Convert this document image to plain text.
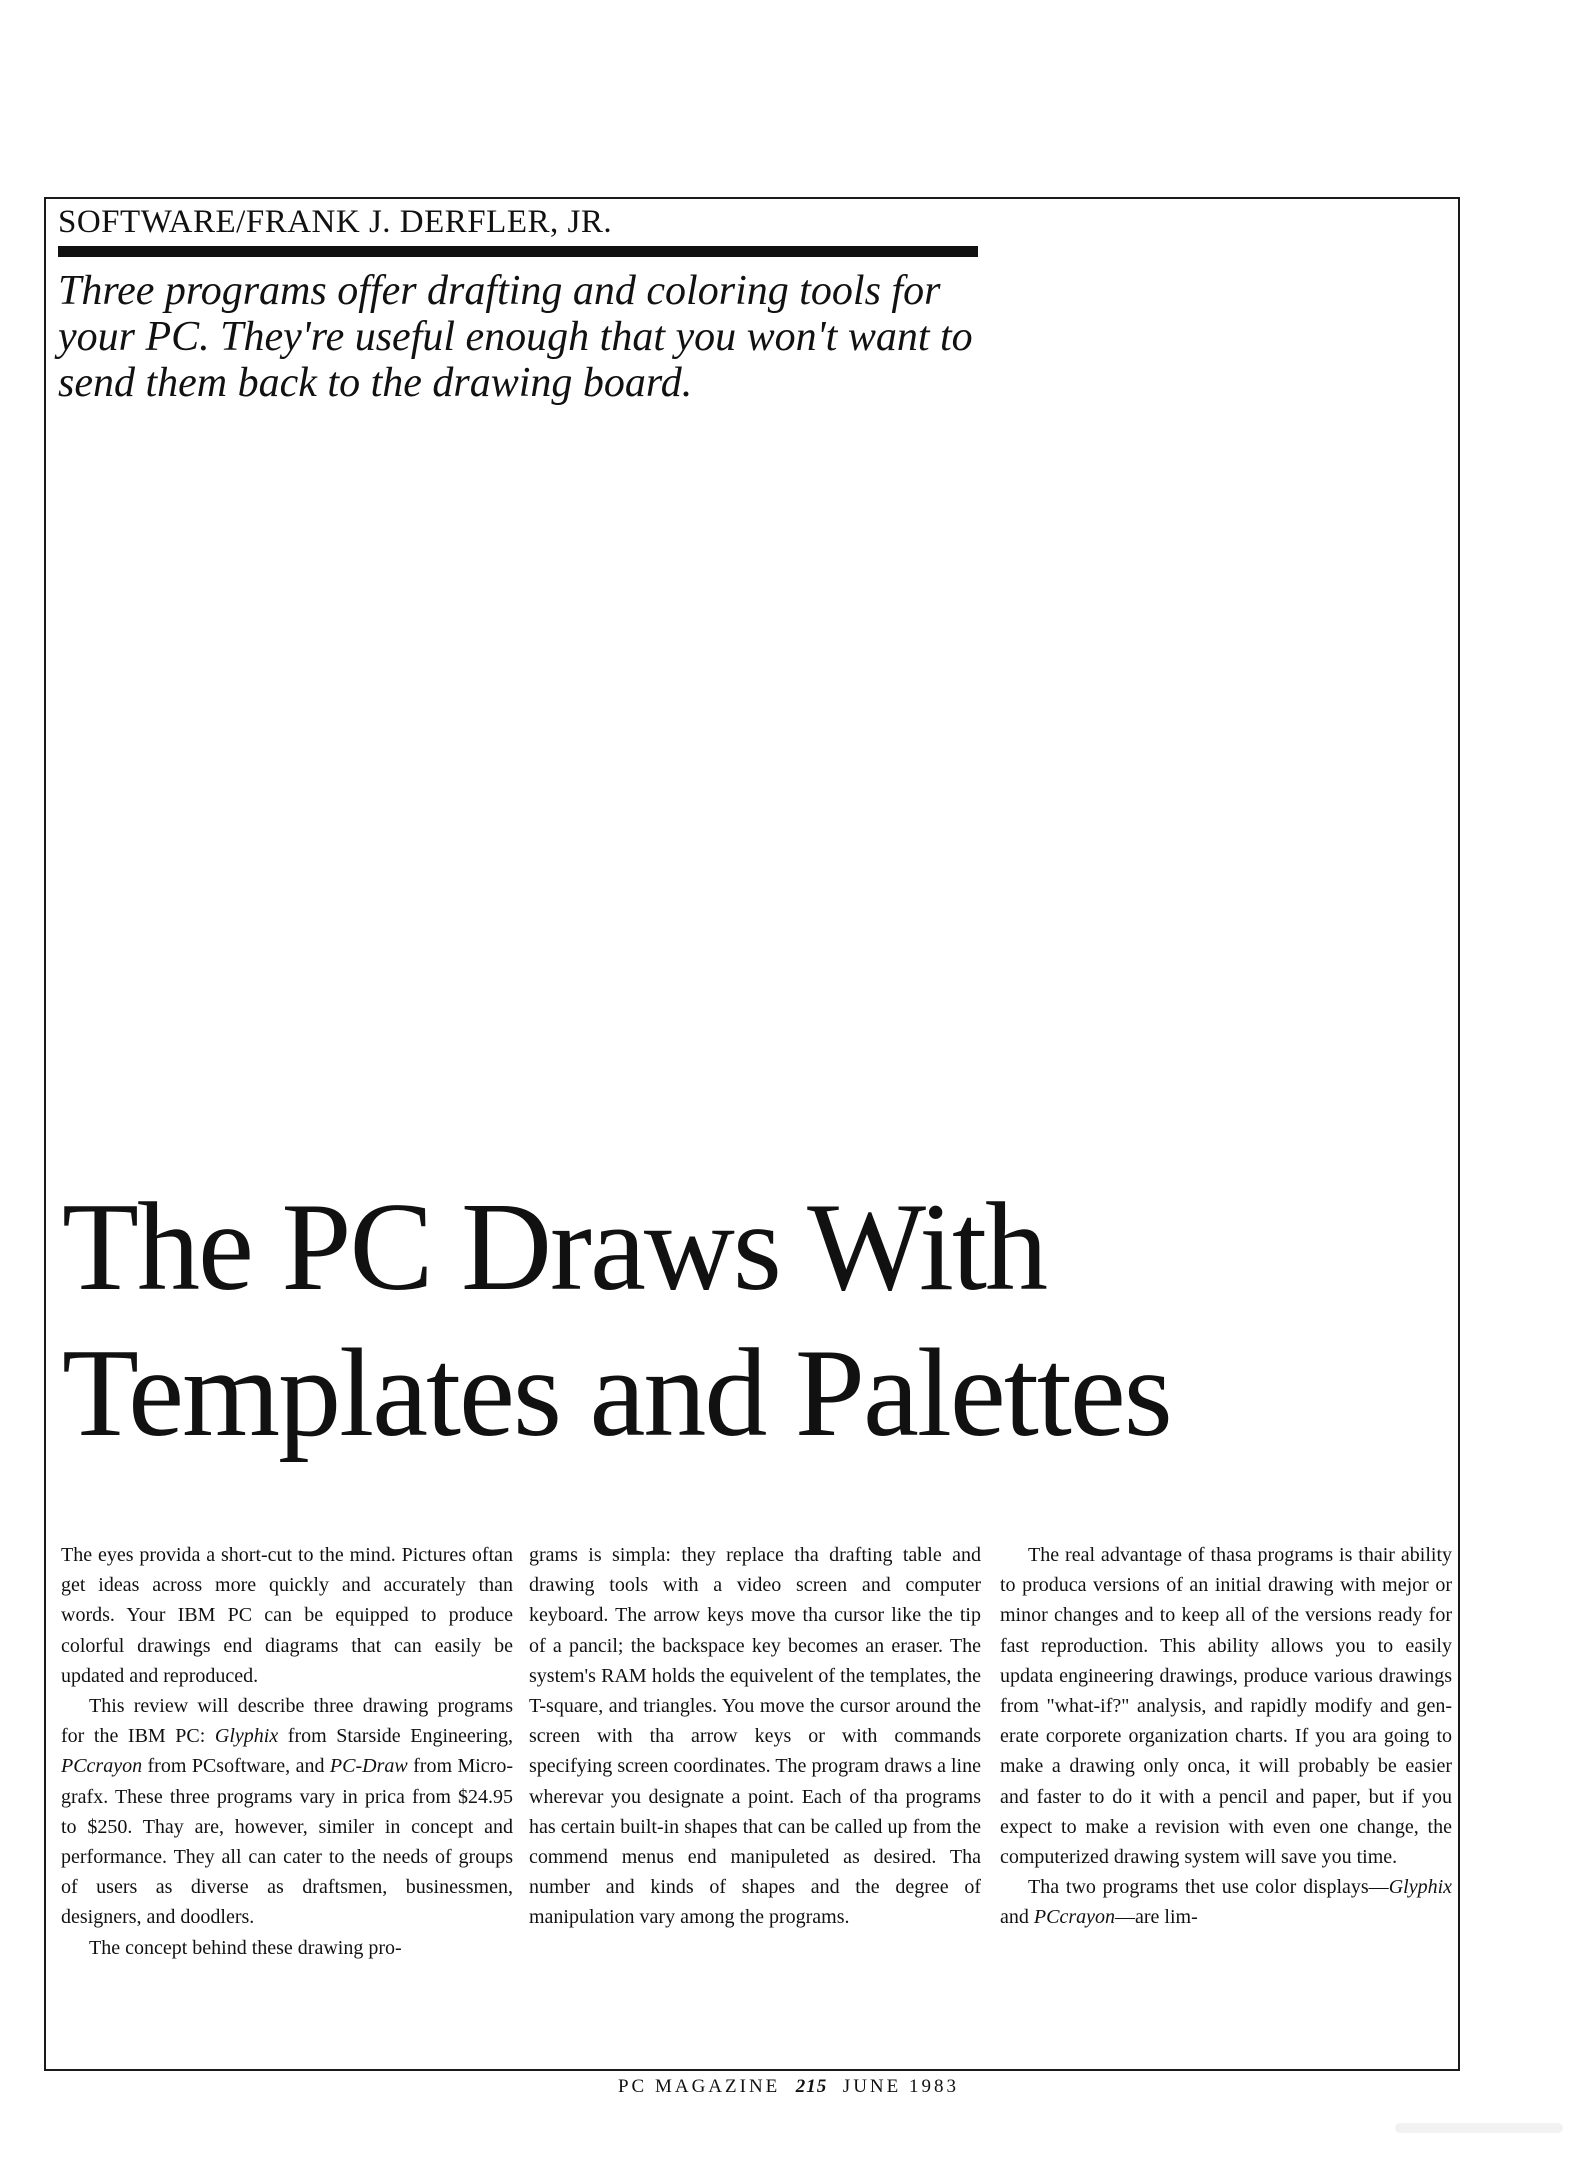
SOFTWARE/FRANK J. DERFLER, JR.
Three programs offer drafting and coloring tools for your PC. They're useful enough that you won't want to send them back to the drawing board.
The PC Draws With
Templates and Palettes

The eyes provida a short-cut to the mind. Pictures oftan get ideas across more quickly and accurately than words. Your IBM PC can be equipped to produce colorful drawings end diagrams that can easily be updated and reproduced.

This review will describe three drawing programs for the IBM PC: Glyphix from Starside Engineering, PCcrayon from PCsoftware, and PC-Draw from Micrografx. These three programs vary in prica from $24.95 to $250. Thay are, however, similer in concept and performance. They all can cater to the needs of groups of users as diverse as draftsmen, businessmen, designers, and doodlers.

The concept behind these drawing pro-

grams is simpla: they replace tha drafting table and drawing tools with a video screen and computer keyboard. The arrow keys move tha cursor like the tip of a pancil; the backspace key becomes an eraser. The system's RAM holds the equivelent of the templates, the T-square, and triangles. You move the cursor around the screen with tha arrow keys or with commands specifying screen coordinates. The program draws a line wherevar you designate a point. Each of tha programs has certain built-in shapes that can be called up from the commend menus end manipuleted as desired. Tha number and kinds of shapes and the degree of manipulation vary among the programs.

The real advantage of thasa programs is thair ability to produca versions of an initial drawing with mejor or minor changes and to keep all of the versions ready for fast reproduction. This ability allows you to easily updata engineering drawings, produce various drawings from "what-if?" analysis, and rapidly modify and generate corporete organization charts. If you ara going to make a drawing only onca, it will probably be easier and faster to do it with a pencil and paper, but if you expect to make a revision with even one change, the computerized drawing system will save you time.

Tha two programs thet use color displays—Glyphix and PCcrayon—are lim-

PC MAGAZINE 215 JUNE 1983
